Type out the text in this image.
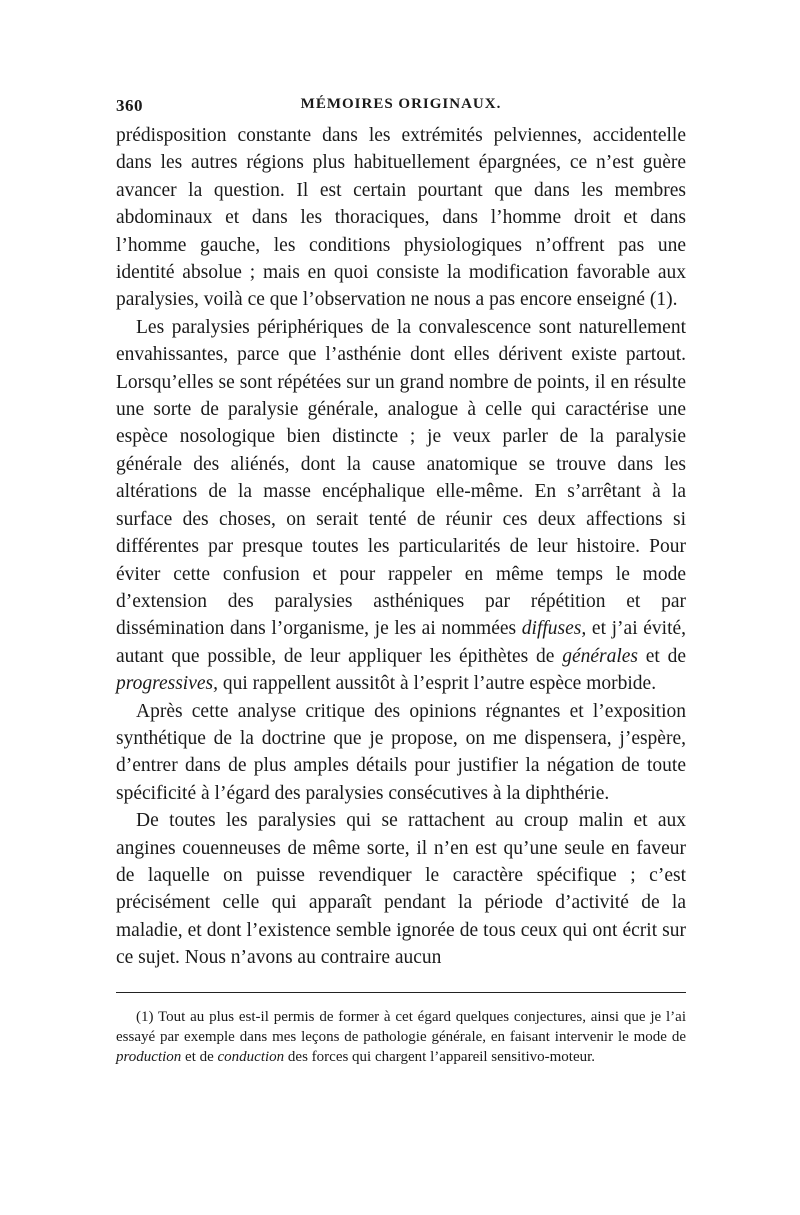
360	MÉMOIRES ORIGINAUX.

prédisposition constante dans les extrémités pelviennes, accidentelle dans les autres régions plus habituellement épargnées, ce n’est guère avancer la question. Il est certain pourtant que dans les membres abdominaux et dans les thoraciques, dans l’homme droit et dans l’homme gauche, les conditions physiologiques n’offrent pas une identité absolue ; mais en quoi consiste la modification favorable aux paralysies, voilà ce que l’observation ne nous a pas encore enseigné (1).

Les paralysies périphériques de la convalescence sont naturellement envahissantes, parce que l’asthénie dont elles dérivent existe partout. Lorsqu’elles se sont répétées sur un grand nombre de points, il en résulte une sorte de paralysie générale, analogue à celle qui caractérise une espèce nosologique bien distincte ; je veux parler de la paralysie générale des aliénés, dont la cause anatomique se trouve dans les altérations de la masse encéphalique elle-même. En s’arrêtant à la surface des choses, on serait tenté de réunir ces deux affections si différentes par presque toutes les particularités de leur histoire. Pour éviter cette confusion et pour rappeler en même temps le mode d’extension des paralysies asthéniques par répétition et par dissémination dans l’organisme, je les ai nommées diffuses, et j’ai évité, autant que possible, de leur appliquer les épithètes de générales et de progressives, qui rappellent aussitôt à l’esprit l’autre espèce morbide.

Après cette analyse critique des opinions régnantes et l’exposition synthétique de la doctrine que je propose, on me dispensera, j’espère, d’entrer dans de plus amples détails pour justifier la négation de toute spécificité à l’égard des paralysies consécutives à la diphthérie.

De toutes les paralysies qui se rattachent au croup malin et aux angines couenneuses de même sorte, il n’en est qu’une seule en faveur de laquelle on puisse revendiquer le caractère spécifique ; c’est précisément celle qui apparaît pendant la période d’activité de la maladie, et dont l’existence semble ignorée de tous ceux qui ont écrit sur ce sujet. Nous n’avons au contraire aucun

(1) Tout au plus est-il permis de former à cet égard quelques conjectures, ainsi que je l’ai essayé par exemple dans mes leçons de pathologie générale, en faisant intervenir le mode de production et de conduction des forces qui chargent l’appareil sensitivo-moteur.
